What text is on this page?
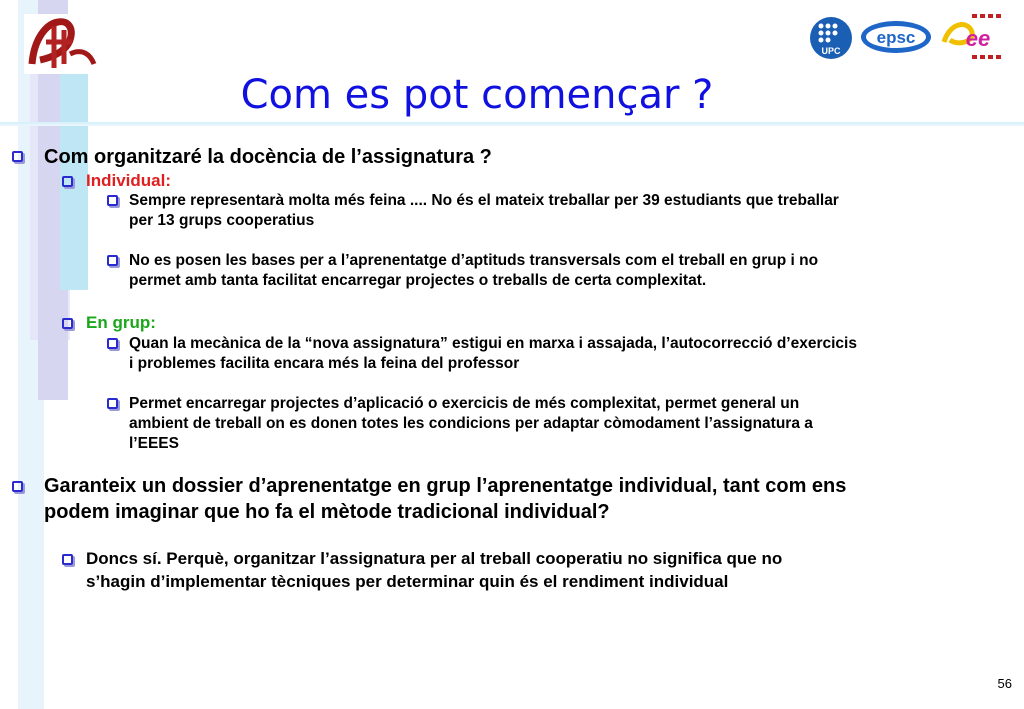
UPC
epsc ee
Com es pot començar ?
Com organitzaré la docència de l’assignatura ?
Individual:
Sempre representarà molta més feina .... No és el mateix treballar per 39 estudiants que treballar
per 13 grups cooperatius
No es posen les bases per a l’aprenentatge d’aptituds transversals com el treball en grup i no
permet amb tanta facilitat encarregar projectes o treballs de certa complexitat.
En grup:
Quan la mecànica de la “nova assignatura” estigui en marxa i assajada, l’autocorrecció d’exercicis
i problemes facilita encara més la feina del professor
Permet encarregar projectes d’aplicació o exercicis de més complexitat, permet general un
ambient de treball on es donen totes les condicions per adaptar còmodament l’assignatura a
l’EEES
Garanteix un dossier d’aprenentatge en grup l’aprenentatge individual, tant com ens
podem imaginar que ho fa el mètode tradicional individual?
Doncs sí. Perquè, organitzar l’assignatura per al treball cooperatiu no significa que no
s’hagin d’implementar tècniques per determinar quin és el rendiment individual
56
